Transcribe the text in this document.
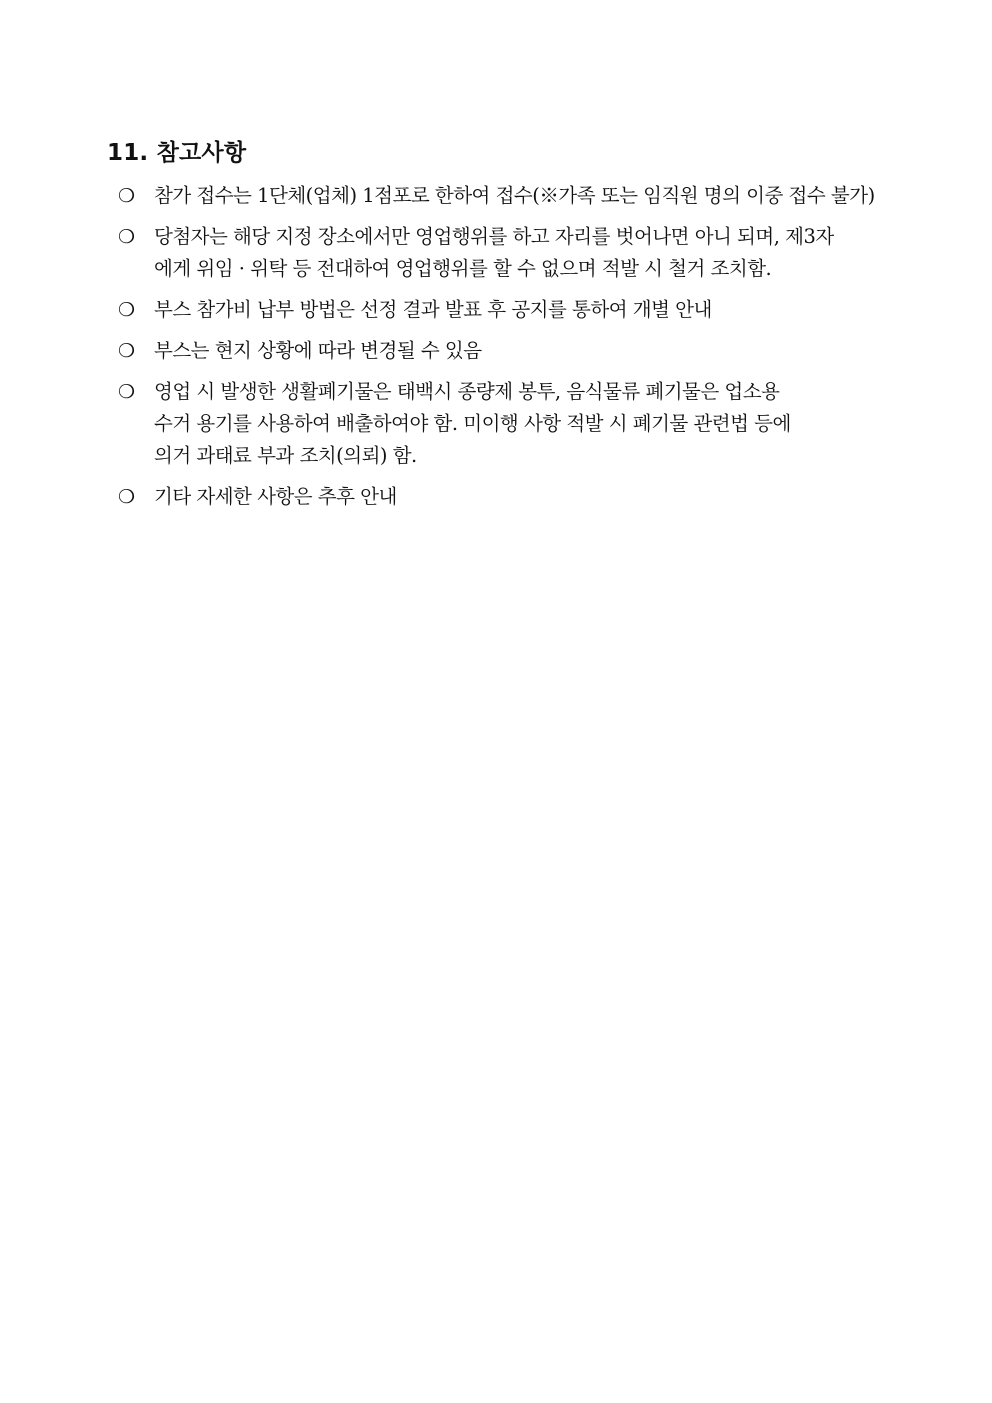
11. 참고사항
❍ 참가 접수는 1단체(업체) 1점포로 한하여 접수(※가족 또는 임직원 명의 이중 접수 불가)
❍ 당첨자는 해당 지정 장소에서만 영업행위를 하고 자리를 벗어나면 아니 되며, 제3자
에게 위임 · 위탁 등 전대하여 영업행위를 할 수 없으며 적발 시 철거 조치함.
❍ 부스 참가비 납부 방법은 선정 결과 발표 후 공지를 통하여 개별 안내
❍ 부스는 현지 상황에 따라 변경될 수 있음
❍ 영업 시 발생한 생활폐기물은 태백시 종량제 봉투, 음식물류 폐기물은 업소용
수거 용기를 사용하여 배출하여야 함. 미이행 사항 적발 시 폐기물 관련법 등에
의거 과태료 부과 조치(의뢰) 함.
❍ 기타 자세한 사항은 추후 안내
